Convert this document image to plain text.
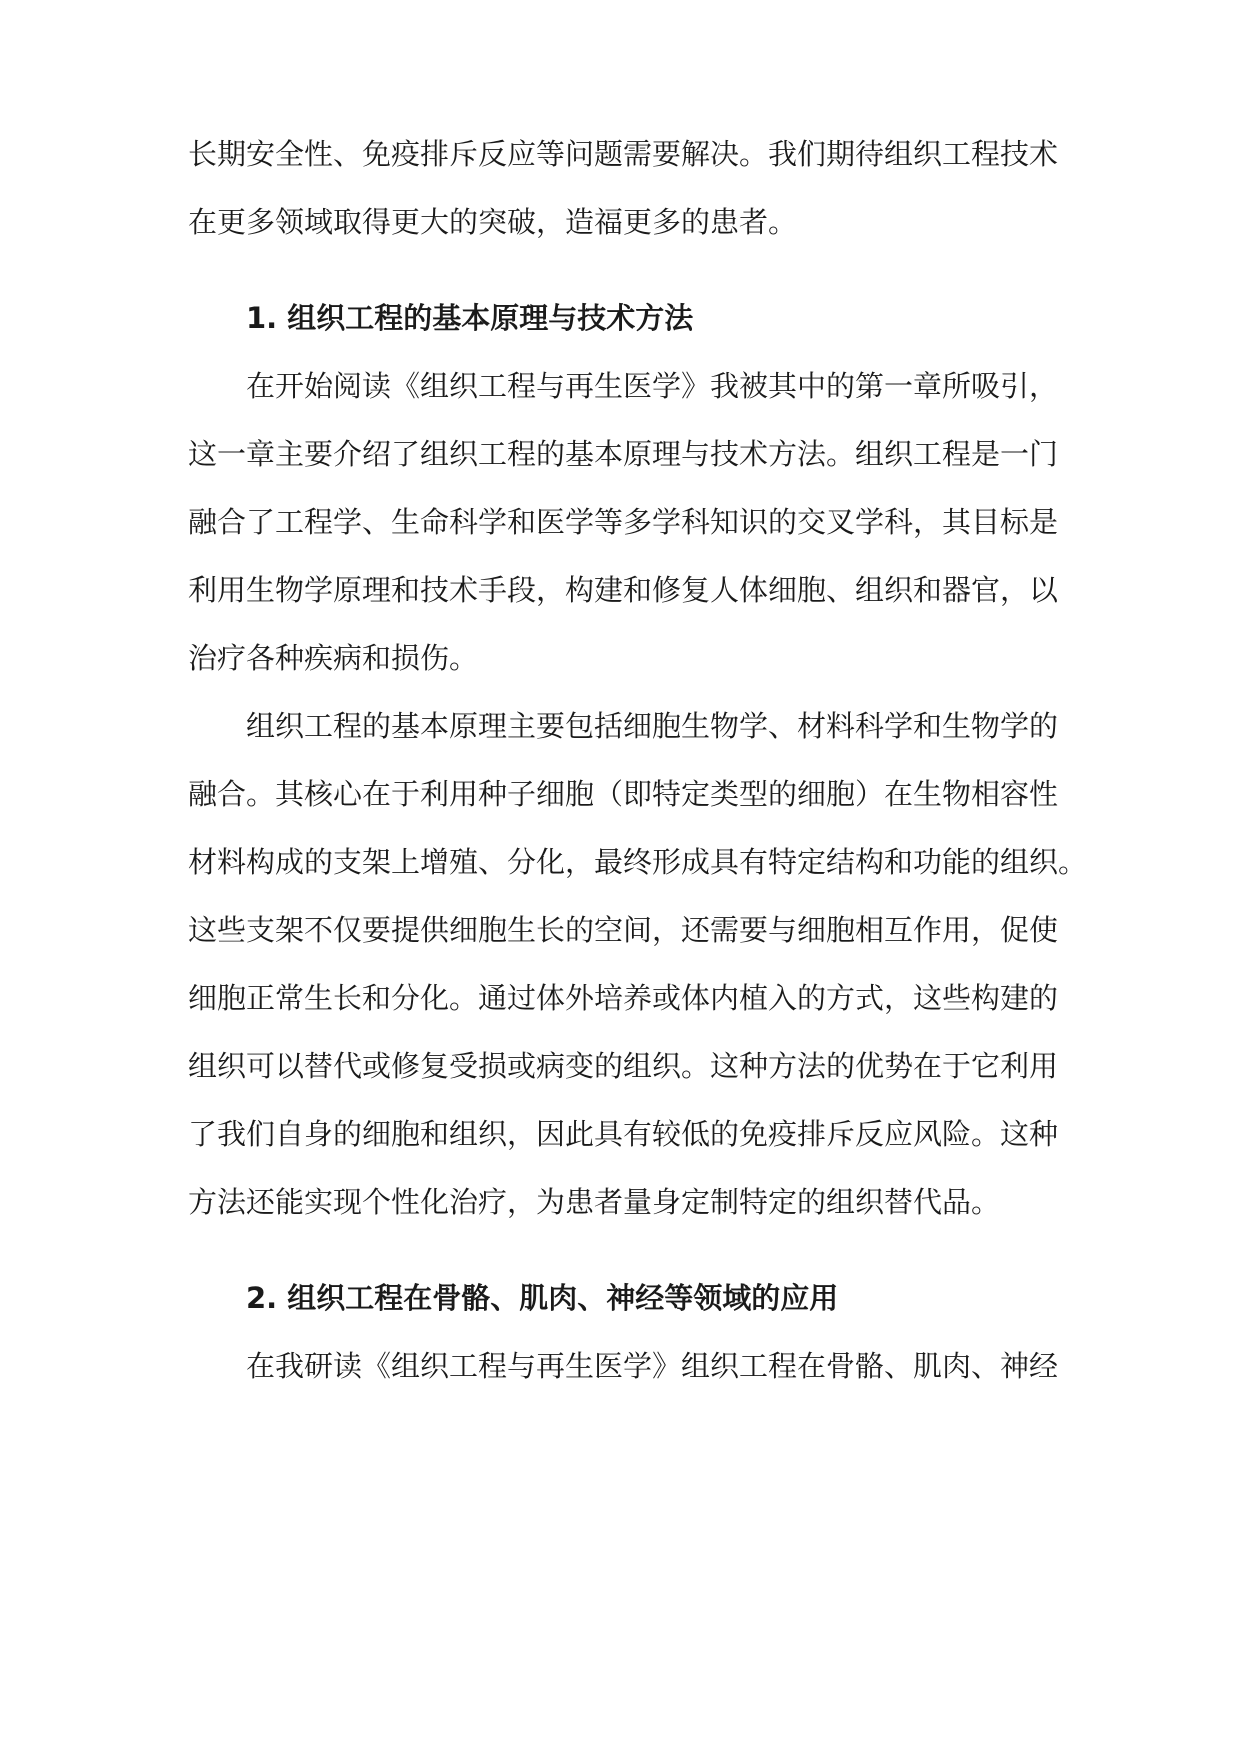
长期安全性、免疫排斥反应等问题需要解决。我们期待组织工程技术
在更多领域取得更大的突破，造福更多的患者。
1. 组织工程的基本原理与技术方法
在开始阅读《组织工程与再生医学》我被其中的第一章所吸引，
这一章主要介绍了组织工程的基本原理与技术方法。组织工程是一门
融合了工程学、生命科学和医学等多学科知识的交叉学科，其目标是
利用生物学原理和技术手段，构建和修复人体细胞、组织和器官，以
治疗各种疾病和损伤。
组织工程的基本原理主要包括细胞生物学、材料科学和生物学的
融合。其核心在于利用种子细胞（即特定类型的细胞）在生物相容性
材料构成的支架上增殖、分化，最终形成具有特定结构和功能的组织。
这些支架不仅要提供细胞生长的空间，还需要与细胞相互作用，促使
细胞正常生长和分化。通过体外培养或体内植入的方式，这些构建的
组织可以替代或修复受损或病变的组织。这种方法的优势在于它利用
了我们自身的细胞和组织，因此具有较低的免疫排斥反应风险。这种
方法还能实现个性化治疗，为患者量身定制特定的组织替代品。
2. 组织工程在骨骼、肌肉、神经等领域的应用
在我研读《组织工程与再生医学》组织工程在骨骼、肌肉、神经
